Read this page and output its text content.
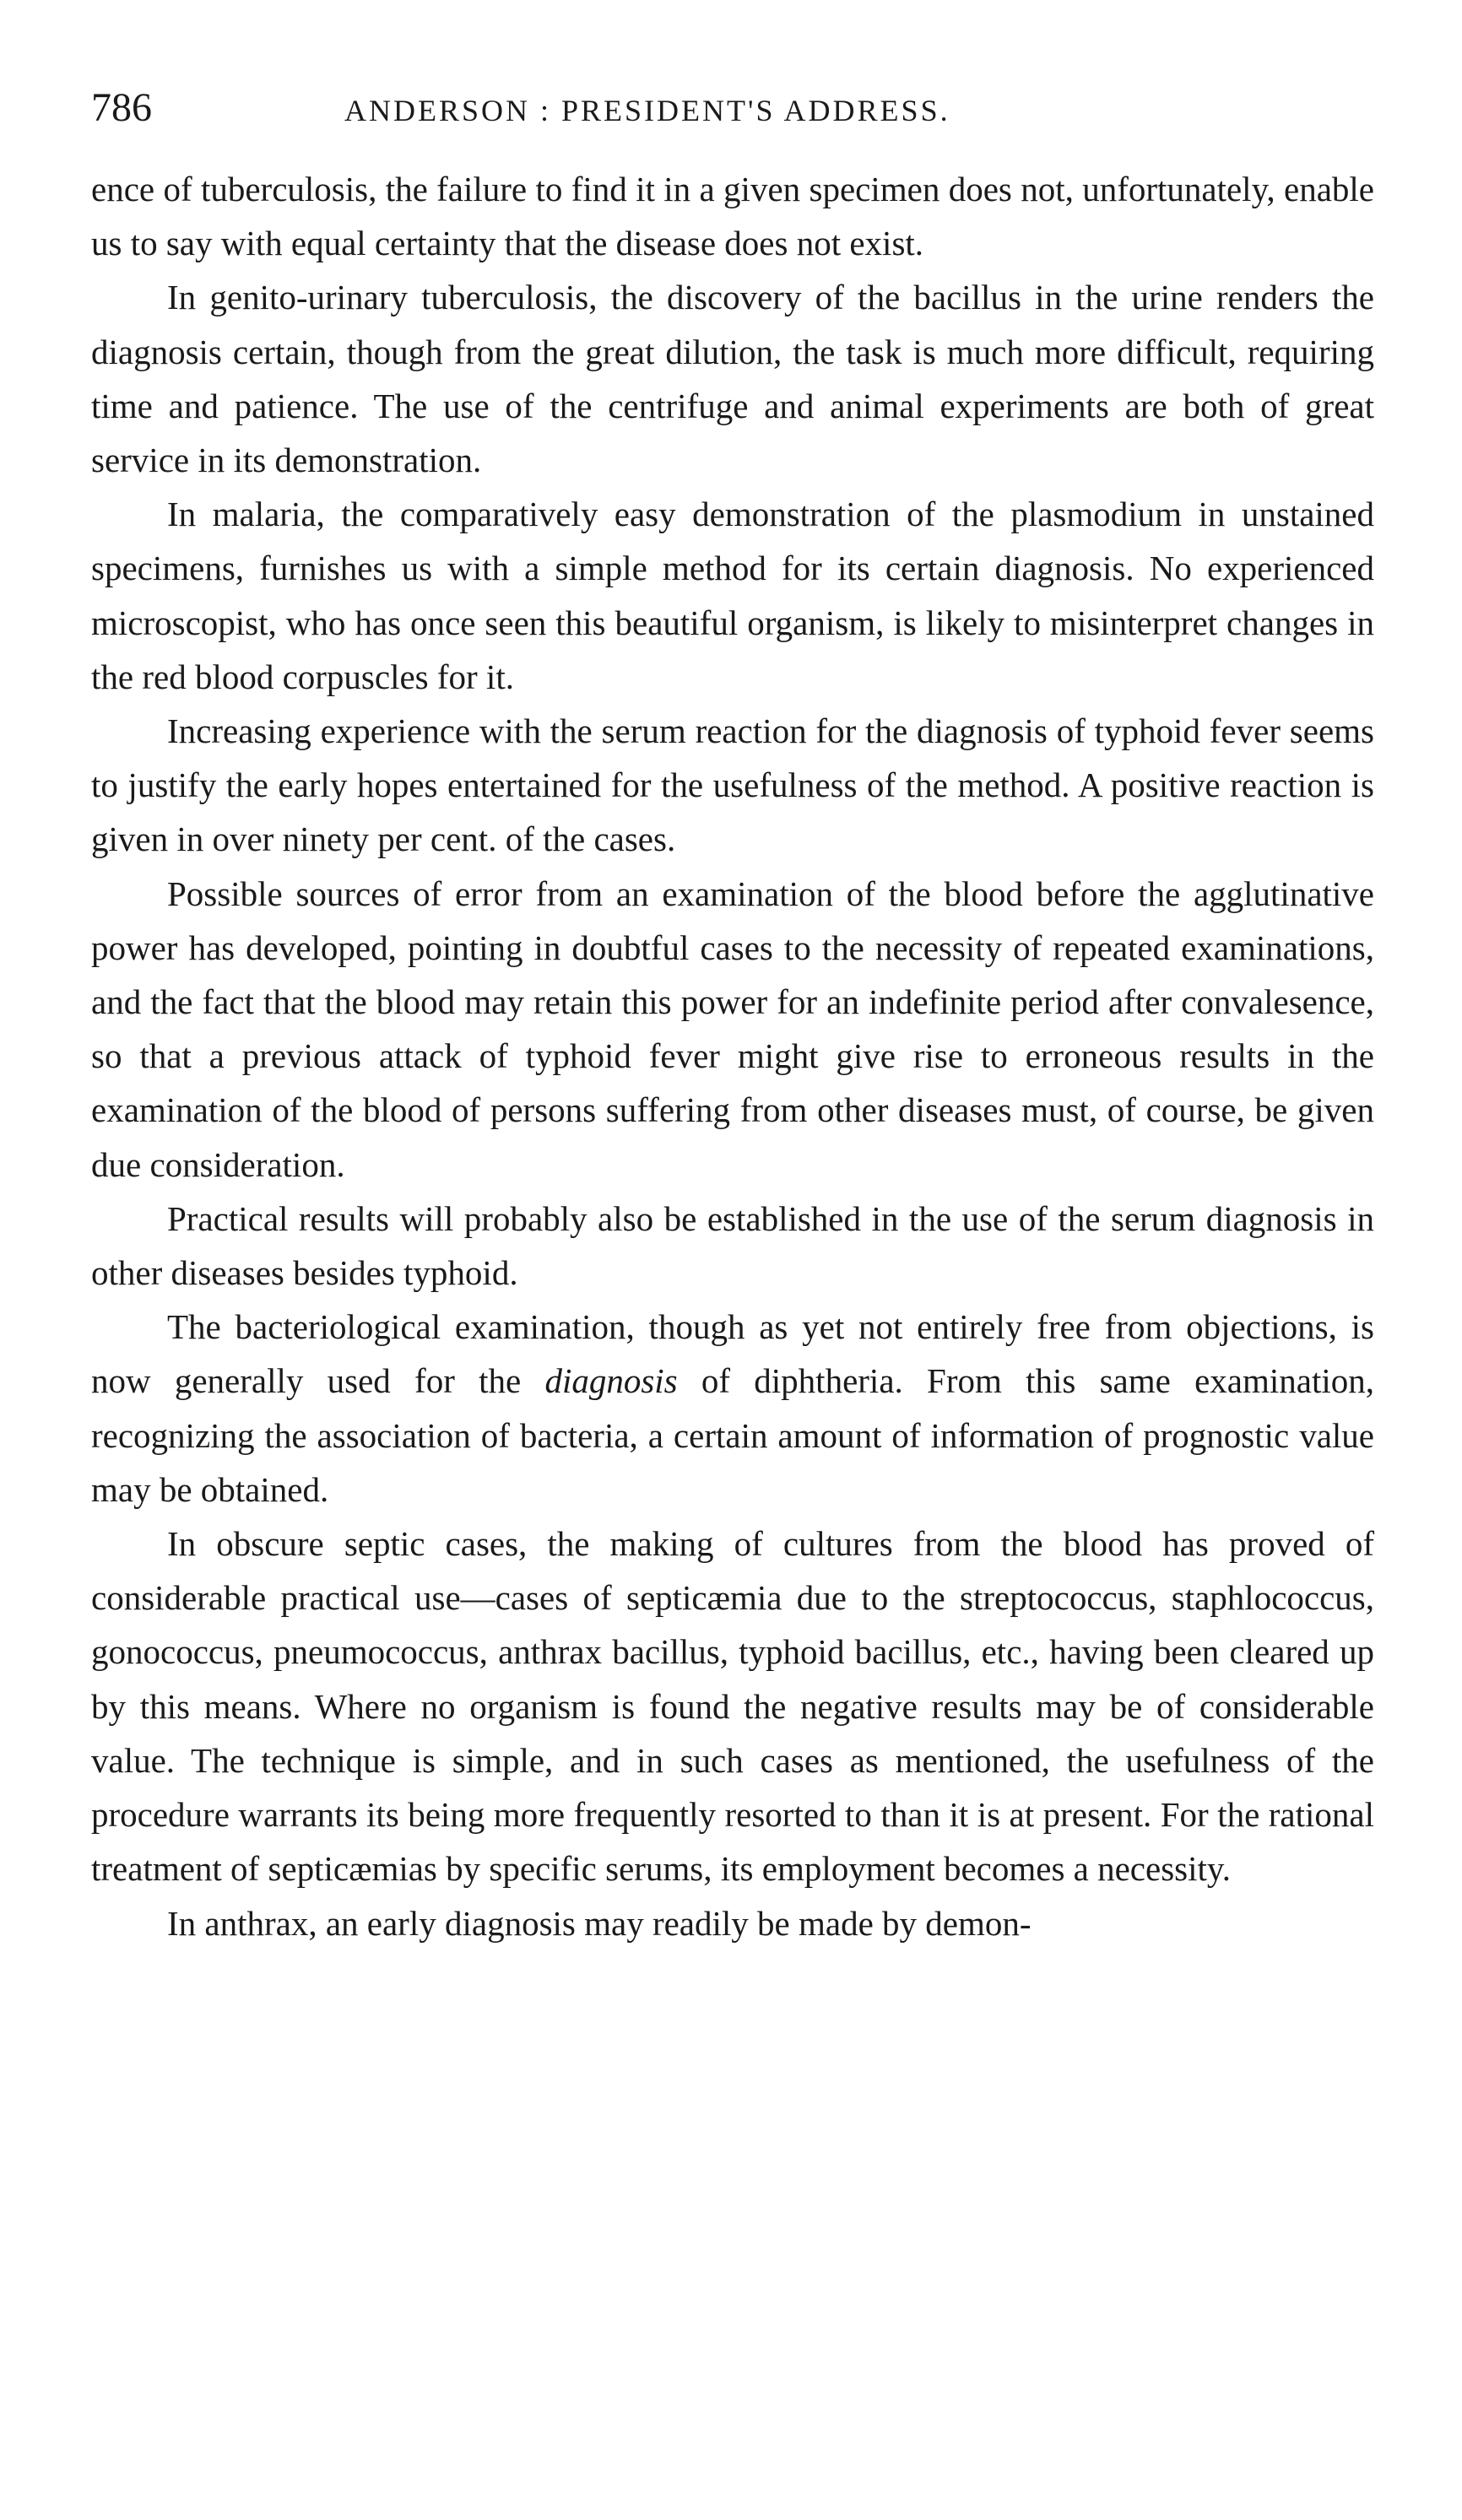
786	ANDERSON : PRESIDENT'S ADDRESS.

ence of tuberculosis, the failure to find it in a given specimen does not, unfortunately, enable us to say with equal certainty that the disease does not exist.

In genito-urinary tuberculosis, the discovery of the bacillus in the urine renders the diagnosis certain, though from the great dilution, the task is much more difficult, requiring time and patience. The use of the centrifuge and animal experiments are both of great service in its demonstration.

In malaria, the comparatively easy demonstration of the plasmodium in unstained specimens, furnishes us with a simple method for its certain diagnosis. No experienced microscopist, who has once seen this beautiful organism, is likely to misinterpret changes in the red blood corpuscles for it.

Increasing experience with the serum reaction for the diagnosis of typhoid fever seems to justify the early hopes entertained for the usefulness of the method. A positive reaction is given in over ninety per cent. of the cases.

Possible sources of error from an examination of the blood before the agglutinative power has developed, pointing in doubtful cases to the necessity of repeated examinations, and the fact that the blood may retain this power for an indefinite period after convalesence, so that a previous attack of typhoid fever might give rise to erroneous results in the examination of the blood of persons suffering from other diseases must, of course, be given due consideration.

Practical results will probably also be established in the use of the serum diagnosis in other diseases besides typhoid.

The bacteriological examination, though as yet not entirely free from objections, is now generally used for the diagnosis of diphtheria. From this same examination, recognizing the association of bacteria, a certain amount of information of prognostic value may be obtained.

In obscure septic cases, the making of cultures from the blood has proved of considerable practical use—cases of septicæmia due to the streptococcus, staphlococcus, gonococcus, pneumococcus, anthrax bacillus, typhoid bacillus, etc., having been cleared up by this means. Where no organism is found the negative results may be of considerable value. The technique is simple, and in such cases as mentioned, the usefulness of the procedure warrants its being more frequently resorted to than it is at present. For the rational treatment of septicæmias by specific serums, its employment becomes a necessity.

In anthrax, an early diagnosis may readily be made by demon-
